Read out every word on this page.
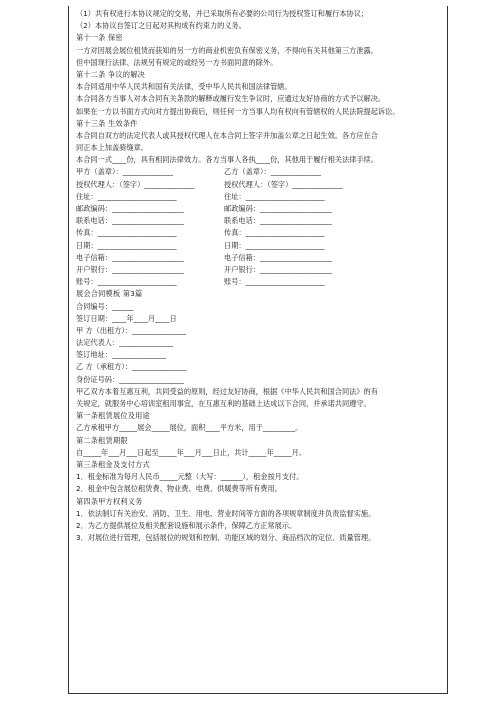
（1）共有权进行本协议规定的交易，并已采取所有必要的公司行为授权签订和履行本协议；
（2）本协议自签订之日起对其构成有约束力的义务。
第十一条 保密
一方对因展会展位租赁而获知的另一方的商业机密负有保密义务，不得向有关其他第三方泄露，
但中国现行法律、法规另有规定的或经另一方书面同意的除外。
第十二条 争议的解决
本合同适用中华人民共和国有关法律，受中华人民共和国法律管辖。
本合同各方当事人对本合同有关条款的解释或履行发生争议时，应通过友好协商的方式予以解决。
如果在一方以书面方式向对方提出协商后，则任何一方当事人均有权向有管辖权的人民法院提起诉讼。
第十三条 生效条件
本合同自双方的法定代表人或其授权代理人在本合同上签字并加盖公章之日起生效。各方应在合
同正本上加盖骑缝章。
本合同一式____份，具有相同法律效力。各方当事人各执____份，其他用于履行相关法律手续。
甲方（盖章）：______________
授权代理人：（签字）______________
住址：______________________
邮政编码：____________________
联系电话：____________________
传真：______________________
日期：______________________
电子信箱：____________________
开户银行：____________________
账号：______________________
乙方（盖章）：______________
授权代理人：（签字）______________
住址：______________________
邮政编码：____________________
联系电话：____________________
传真：______________________
日期：______________________
电子信箱：____________________
开户银行：____________________
账号：______________________
展会合同模板 第3篇
合同编号：______
签订日期：____年____月____日
甲 方（出租方）：_______________
法定代表人：_______________
签订地址：_______________
乙 方（承租方）：_______________
身份证号码：__________________
甲乙双方本着互惠互利，共同受益的原则，经过友好协商，根据《中华人民共和国合同法》的有
关规定，就服务中心培训室租用事宜，在互惠互利的基础上达成以下合同，并承诺共同遵守。
第一条租赁展位及用途
乙方承租甲方_____展会_____展位，面积____平方米，用于_________。
第二条租赁期限
自_____年___月___日起至_____年___月___日止，共计_____年_____月。
第三条租金及支付方式
1．租金标准为每月人民币_____元整（大写：______），租金按月支付。
2．租金中包含展位租赁费、物业费、电费、供暖费等所有费用。
第四条甲方权利义务
1．依法制订有关治安、消防、卫生、用电、营业时间等方面的各项规章制度并负责监督实施。
2．为乙方提供展位及相关配套设施和展示条件，保障乙方正常展示。
3．对展位进行管理，包括展位的规划和控制、功能区域的划分、商品档次的定位、质量管理。
